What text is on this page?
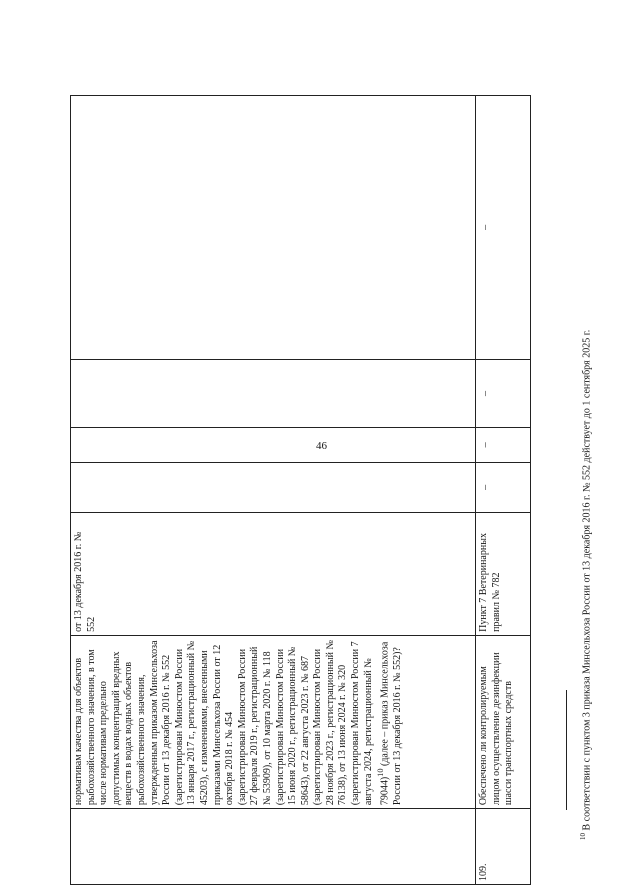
46

	нормативам качества для объектов рыбохозяйственного значения, в том числе нормативам предельно допустимых концентраций вредных веществ в водах водных объектов рыбохозяйственного значения, утвержденным приказом Минсельхоза России от 13 декабря 2016 г. № 552 (зарегистрирован Минюстом России 13 января 2017 г., регистрационный № 45203), с изменениями, внесенными приказами Минсельхоза России от 12 октября 2018 г. № 454 (зарегистрирован Минюстом России 27 февраля 2019 г., регистрационный № 53909), от 10 марта 2020 г. № 118 (зарегистрирован Минюстом России 15 июня 2020 г., регистрационный № 58643), от 22 августа 2023 г. № 687 (зарегистрирован Минюстом России 28 ноября 2023 г., регистрационный № 76138), от 13 июня 2024 г. № 320 (зарегистрирован Минюстом России 7 августа 2024, регистрационный № 79044)$^{10}$ (далее – приказ Минсельхоза России от 13 декабря 2016 г. № 552)?	от 13 декабря 2016 г. № 552				

109.	Обеспечено ли контролируемым лицом осуществление дезинфекции шасси транспортных средств	Пункт 7 Ветеринарных правил № 782	–	–	–	–
$^{10}$ В соответствии с пунктом 3 приказа Минсельхоза России от 13 декабря 2016 г. № 552 действует до 1 сентября 2025 г.
